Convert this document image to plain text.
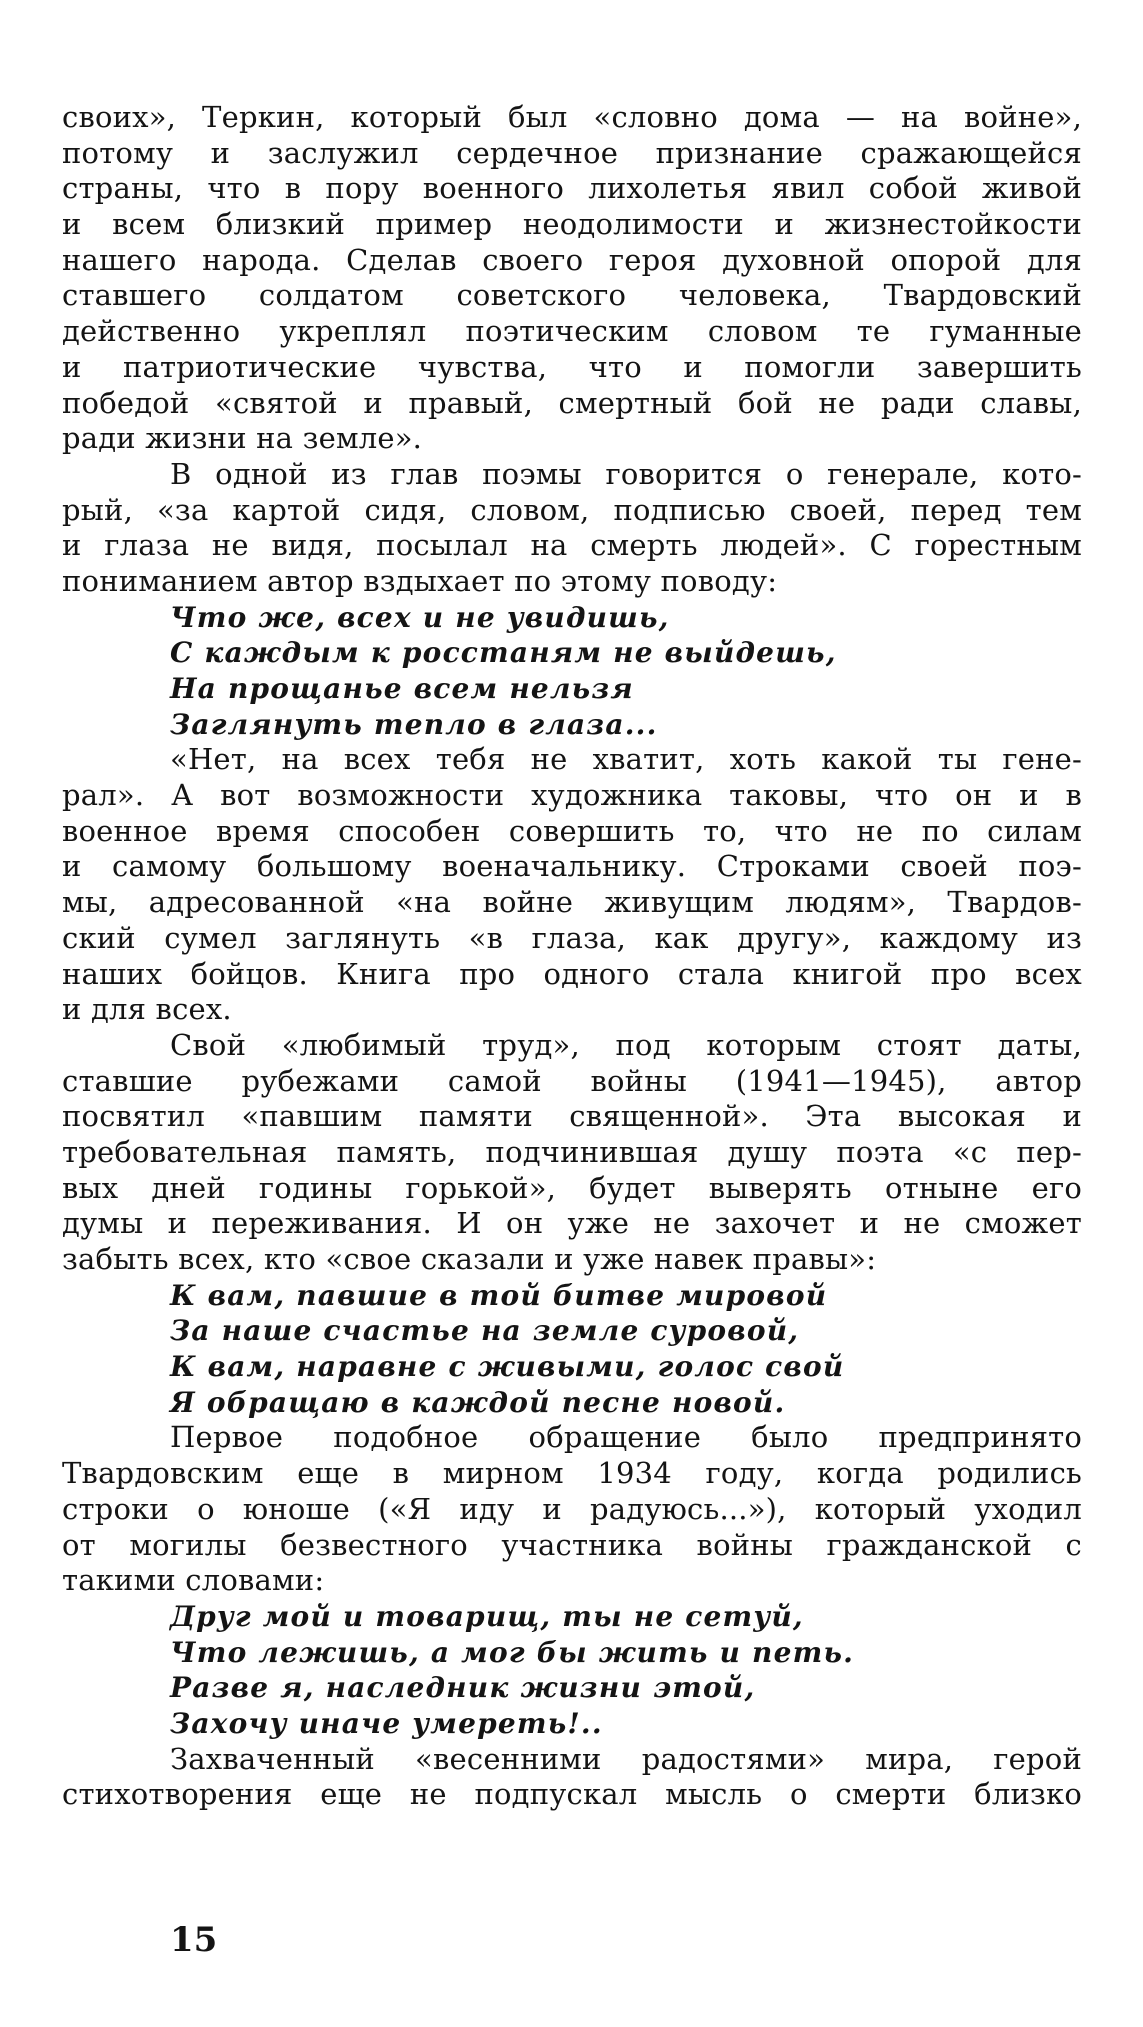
своих», Теркин, который был «словно дома — на войне»,
потому и заслужил сердечное признание сражающейся
страны, что в пору военного лихолетья явил собой живой
и всем близкий пример неодолимости и жизнестойкости
нашего народа. Сделав своего героя духовной опорой для
ставшего солдатом советского человека, Твардовский
действенно укреплял поэтическим словом те гуманные
и патриотические чувства, что и помогли завершить
победой «святой и правый, смертный бой не ради славы,
ради жизни на земле».
В одной из глав поэмы говорится о генерале, кото-
рый, «за картой сидя, словом, подписью своей, перед тем
и глаза не видя, посылал на смерть людей». С горестным
пониманием автор вздыхает по этому поводу:
Что же, всех и не увидишь,
С каждым к росстаням не выйдешь,
На прощанье всем нельзя
Заглянуть тепло в глаза...
«Нет, на всех тебя не хватит, хоть какой ты гене-
рал». А вот возможности художника таковы, что он и в
военное время способен совершить то, что не по силам
и самому большому военачальнику. Строками своей поэ-
мы, адресованной «на войне живущим людям», Твардов-
ский сумел заглянуть «в глаза, как другу», каждому из
наших бойцов. Книга про одного стала книгой про всех
и для всех.
Свой «любимый труд», под которым стоят даты,
ставшие рубежами самой войны (1941—1945), автор
посвятил «павшим памяти священной». Эта высокая и
требовательная память, подчинившая душу поэта «с пер-
вых дней годины горькой», будет выверять отныне его
думы и переживания. И он уже не захочет и не сможет
забыть всех, кто «свое сказали и уже навек правы»:
К вам, павшие в той битве мировой
За наше счастье на земле суровой,
К вам, наравне с живыми, голос свой
Я обращаю в каждой песне новой.
Первое подобное обращение было предпринято
Твардовским еще в мирном 1934 году, когда родились
строки о юноше («Я иду и радуюсь...»), который уходил
от могилы безвестного участника войны гражданской с
такими словами:
Друг мой и товарищ, ты не сетуй,
Что лежишь, а мог бы жить и петь.
Разве я, наследник жизни этой,
Захочу иначе умереть!..
Захваченный «весенними радостями» мира, герой
стихотворения еще не подпускал мысль о смерти близко
15
